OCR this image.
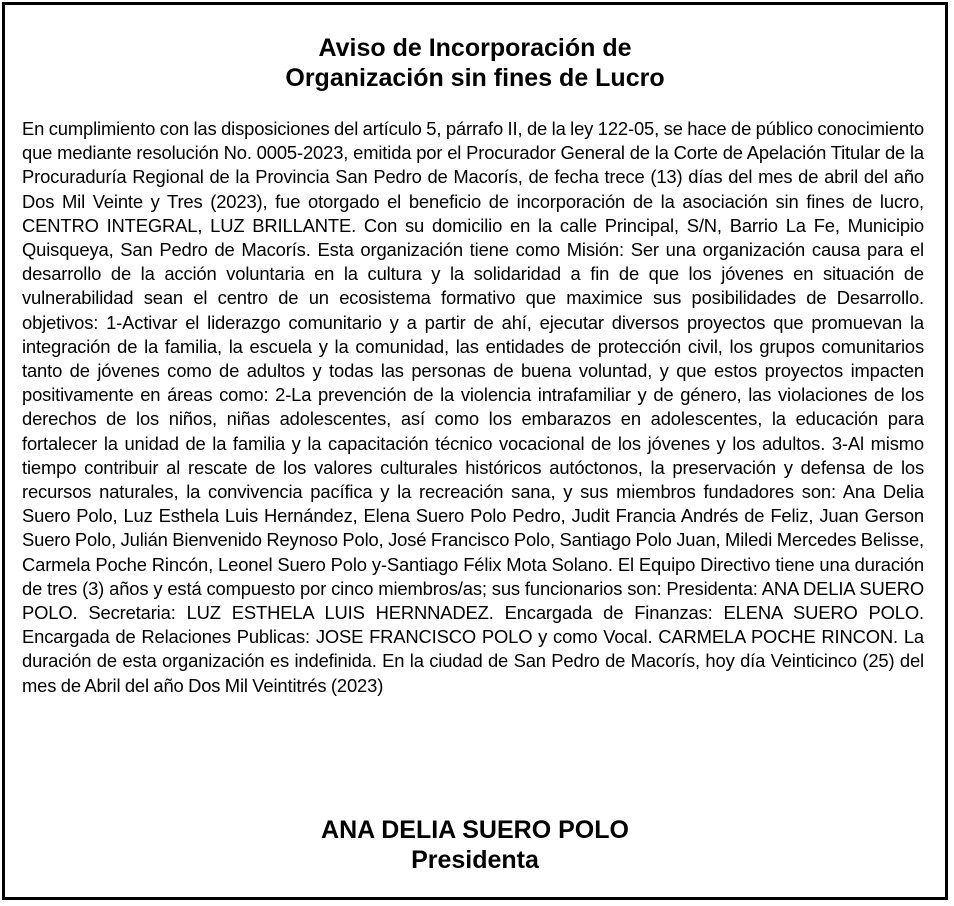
Aviso de Incorporación de
Organización sin fines de Lucro

En cumplimiento con las disposiciones del artículo 5, párrafo II, de la ley 122-05, se hace de público conocimiento que mediante resolución No. 0005-2023, emitida por el Procurador General de la Corte de Apelación Titular de la Procuraduría Regional de la Provincia San Pedro de Macorís, de fecha trece (13) días del mes de abril del año Dos Mil Veinte y Tres (2023), fue otorgado el beneficio de incorporación de la asociación sin fines de lucro, CENTRO INTEGRAL, LUZ BRILLANTE. Con su domicilio en la calle Principal, S/N, Barrio La Fe, Municipio Quisqueya, San Pedro de Macorís. Esta organización tiene como Misión: Ser una organización causa para el desarrollo de la acción voluntaria en la cultura y la solidaridad a fin de que los jóvenes en situación de vulnerabilidad sean el centro de un ecosistema formativo que maximice sus posibilidades de Desarrollo. objetivos: 1-Activar el liderazgo comunitario y a partir de ahí, ejecutar diversos proyectos que promuevan la integración de la familia, la escuela y la comunidad, las entidades de protección civil, los grupos comunitarios tanto de jóvenes como de adultos y todas las personas de buena voluntad, y que estos proyectos impacten positivamente en áreas como: 2-La prevención de la violencia intrafamiliar y de género, las violaciones de los derechos de los niños, niñas adolescentes, así como los embarazos en adolescentes, la educación para fortalecer la unidad de la familia y la capacitación técnico vocacional de los jóvenes y los adultos. 3-Al mismo tiempo contribuir al rescate de los valores culturales históricos autóctonos, la preservación y defensa de los recursos naturales, la convivencia pacífica y la recreación sana, y sus miembros fundadores son: Ana Delia Suero Polo, Luz Esthela Luis Hernández, Elena Suero Polo Pedro, Judit Francia Andrés de Feliz, Juan Gerson Suero Polo, Julián Bienvenido Reynoso Polo, José Francisco Polo, Santiago Polo Juan, Miledi Mercedes Belisse, Carmela Poche Rincón, Leonel Suero Polo y-Santiago Félix Mota Solano. El Equipo Directivo tiene una duración de tres (3) años y está compuesto por cinco miembros/as; sus funcionarios son: Presidenta: ANA DELIA SUERO POLO. Secretaria: LUZ ESTHELA LUIS HERNNADEZ. Encargada de Finanzas: ELENA SUERO POLO. Encargada de Relaciones Publicas: JOSE FRANCISCO POLO y como Vocal. CARMELA POCHE RINCON. La duración de esta organización es indefinida. En la ciudad de San Pedro de Macorís, hoy día Veinticinco (25) del mes de Abril del año Dos Mil Veintitrés (2023)

ANA DELIA SUERO POLO
Presidenta
